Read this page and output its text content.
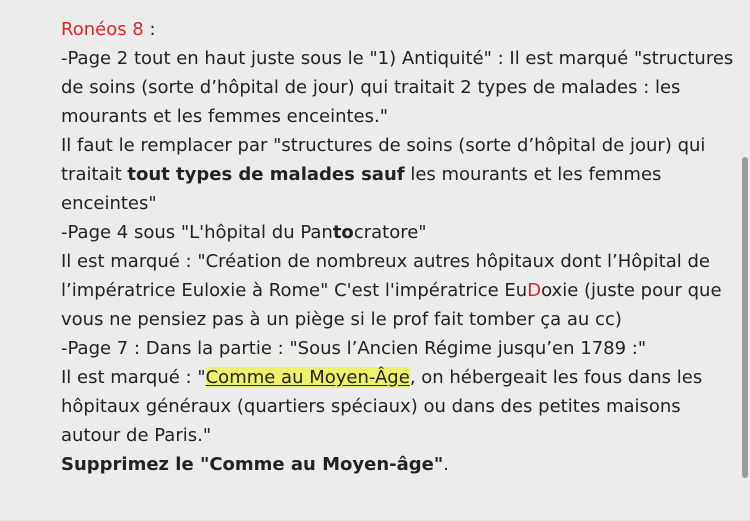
Ronéos 8 :

-Page 2 tout en haut juste sous le "1) Antiquité" : Il est marqué "structures de soins (sorte d’hôpital de jour) qui traitait 2 types de malades : les mourants et les femmes enceintes."

Il faut le remplacer par "structures de soins (sorte d’hôpital de jour) qui traitait tout types de malades sauf les mourants et les femmes enceintes"

-Page 4 sous "L'hôpital du Pantocratore"

Il est marqué : "Création de nombreux autres hôpitaux dont l’Hôpital de l’impératrice Euloxie à Rome" C'est l'impératrice EuDoxie (juste pour que vous ne pensiez pas à un piège si le prof fait tomber ça au cc)

-Page 7 : Dans la partie : "Sous l’Ancien Régime jusqu’en 1789 :"

Il est marqué : "Comme au Moyen-Âge, on hébergeait les fous dans les hôpitaux généraux (quartiers spéciaux) ou dans des petites maisons autour de Paris."

Supprimez le "Comme au Moyen-âge".
